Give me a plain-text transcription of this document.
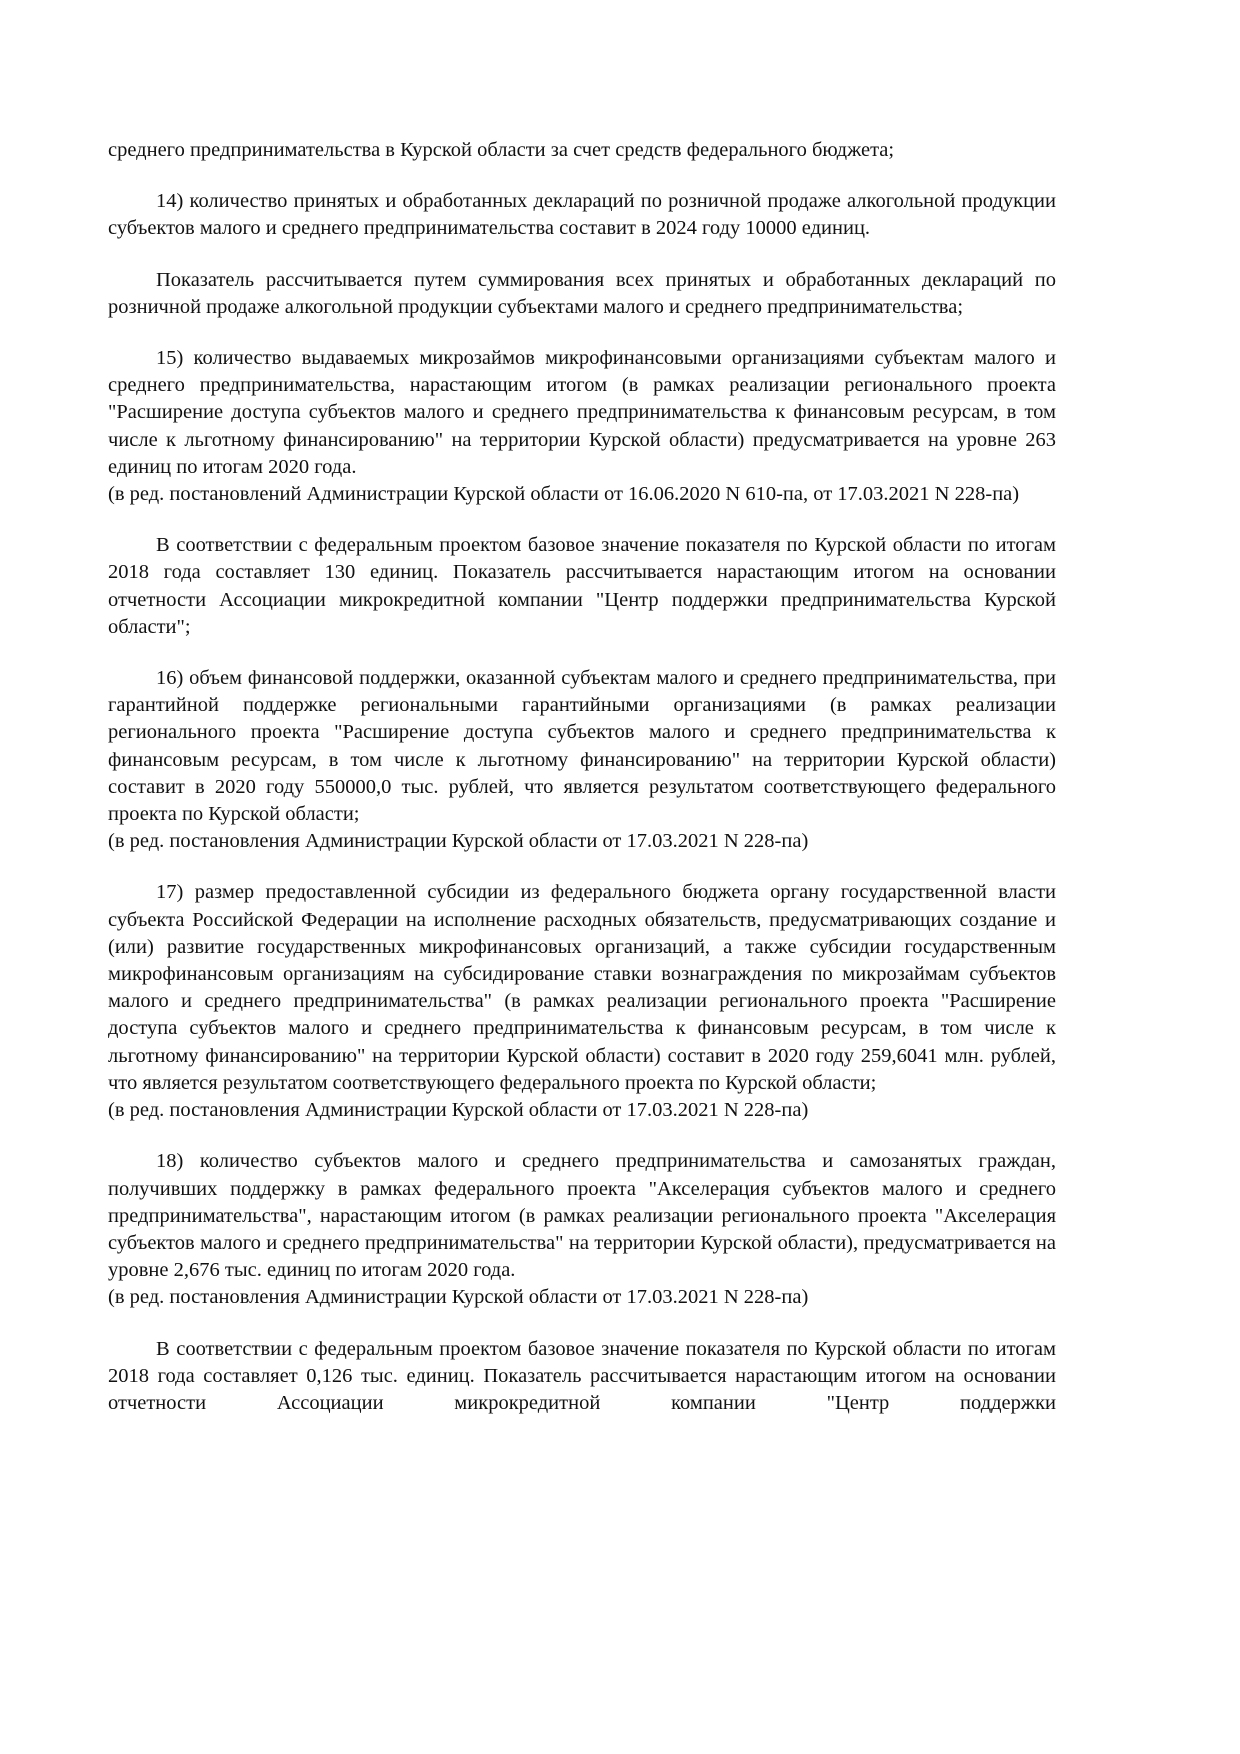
среднего предпринимательства в Курской области за счет средств федерального бюджета;

14) количество принятых и обработанных деклараций по розничной продаже алкогольной продукции субъектов малого и среднего предпринимательства составит в 2024 году 10000 единиц.

Показатель рассчитывается путем суммирования всех принятых и обработанных деклараций по розничной продаже алкогольной продукции субъектами малого и среднего предпринимательства;

15) количество выдаваемых микрозаймов микрофинансовыми организациями субъектам малого и среднего предпринимательства, нарастающим итогом (в рамках реализации регионального проекта "Расширение доступа субъектов малого и среднего предпринимательства к финансовым ресурсам, в том числе к льготному финансированию" на территории Курской области) предусматривается на уровне 263 единиц по итогам 2020 года.

(в ред. постановлений Администрации Курской области от 16.06.2020 N 610-па, от 17.03.2021 N 228-па)

В соответствии с федеральным проектом базовое значение показателя по Курской области по итогам 2018 года составляет 130 единиц. Показатель рассчитывается нарастающим итогом на основании отчетности Ассоциации микрокредитной компании "Центр поддержки предпринимательства Курской области";

16) объем финансовой поддержки, оказанной субъектам малого и среднего предпринимательства, при гарантийной поддержке региональными гарантийными организациями (в рамках реализации регионального проекта "Расширение доступа субъектов малого и среднего предпринимательства к финансовым ресурсам, в том числе к льготному финансированию" на территории Курской области) составит в 2020 году 550000,0 тыс. рублей, что является результатом соответствующего федерального проекта по Курской области;

(в ред. постановления Администрации Курской области от 17.03.2021 N 228-па)

17) размер предоставленной субсидии из федерального бюджета органу государственной власти субъекта Российской Федерации на исполнение расходных обязательств, предусматривающих создание и (или) развитие государственных микрофинансовых организаций, а также субсидии государственным микрофинансовым организациям на субсидирование ставки вознаграждения по микрозаймам субъектов малого и среднего предпринимательства" (в рамках реализации регионального проекта "Расширение доступа субъектов малого и среднего предпринимательства к финансовым ресурсам, в том числе к льготному финансированию" на территории Курской области) составит в 2020 году 259,6041 млн. рублей, что является результатом соответствующего федерального проекта по Курской области;

(в ред. постановления Администрации Курской области от 17.03.2021 N 228-па)

18) количество субъектов малого и среднего предпринимательства и самозанятых граждан, получивших поддержку в рамках федерального проекта "Акселерация субъектов малого и среднего предпринимательства", нарастающим итогом (в рамках реализации регионального проекта "Акселерация субъектов малого и среднего предпринимательства" на территории Курской области), предусматривается на уровне 2,676 тыс. единиц по итогам 2020 года.

(в ред. постановления Администрации Курской области от 17.03.2021 N 228-па)

В соответствии с федеральным проектом базовое значение показателя по Курской области по итогам 2018 года составляет 0,126 тыс. единиц. Показатель рассчитывается нарастающим итогом на основании отчетности Ассоциации микрокредитной компании "Центр поддержки
